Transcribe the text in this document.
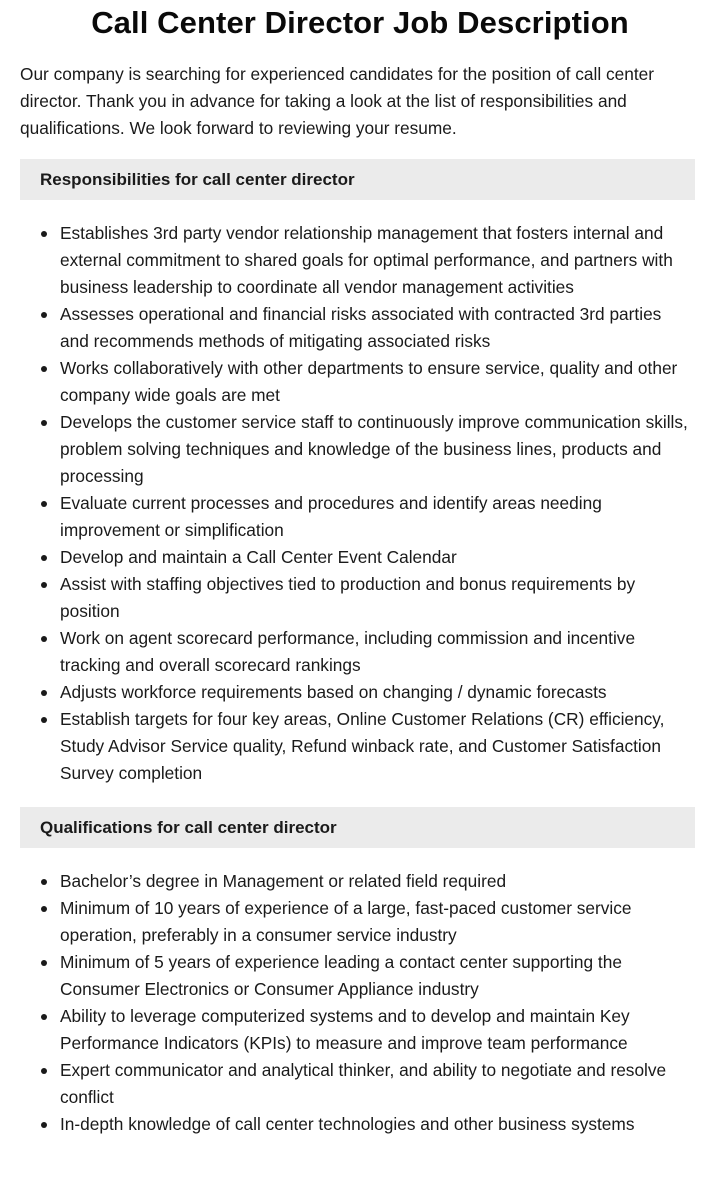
Call Center Director Job Description

Our company is searching for experienced candidates for the position of call center director. Thank you in advance for taking a look at the list of responsibilities and qualifications. We look forward to reviewing your resume.

Responsibilities for call center director
Establishes 3rd party vendor relationship management that fosters internal and external commitment to shared goals for optimal performance, and partners with business leadership to coordinate all vendor management activities
Assesses operational and financial risks associated with contracted 3rd parties and recommends methods of mitigating associated risks
Works collaboratively with other departments to ensure service, quality and other company wide goals are met
Develops the customer service staff to continuously improve communication skills, problem solving techniques and knowledge of the business lines, products and processing
Evaluate current processes and procedures and identify areas needing improvement or simplification
Develop and maintain a Call Center Event Calendar
Assist with staffing objectives tied to production and bonus requirements by position
Work on agent scorecard performance, including commission and incentive tracking and overall scorecard rankings
Adjusts workforce requirements based on changing / dynamic forecasts
Establish targets for four key areas, Online Customer Relations (CR) efficiency, Study Advisor Service quality, Refund winback rate, and Customer Satisfaction Survey completion
Qualifications for call center director
Bachelor’s degree in Management or related field required
Minimum of 10 years of experience of a large, fast-paced customer service operation, preferably in a consumer service industry
Minimum of 5 years of experience leading a contact center supporting the Consumer Electronics or Consumer Appliance industry
Ability to leverage computerized systems and to develop and maintain Key Performance Indicators (KPIs) to measure and improve team performance
Expert communicator and analytical thinker, and ability to negotiate and resolve conflict
In-depth knowledge of call center technologies and other business systems
